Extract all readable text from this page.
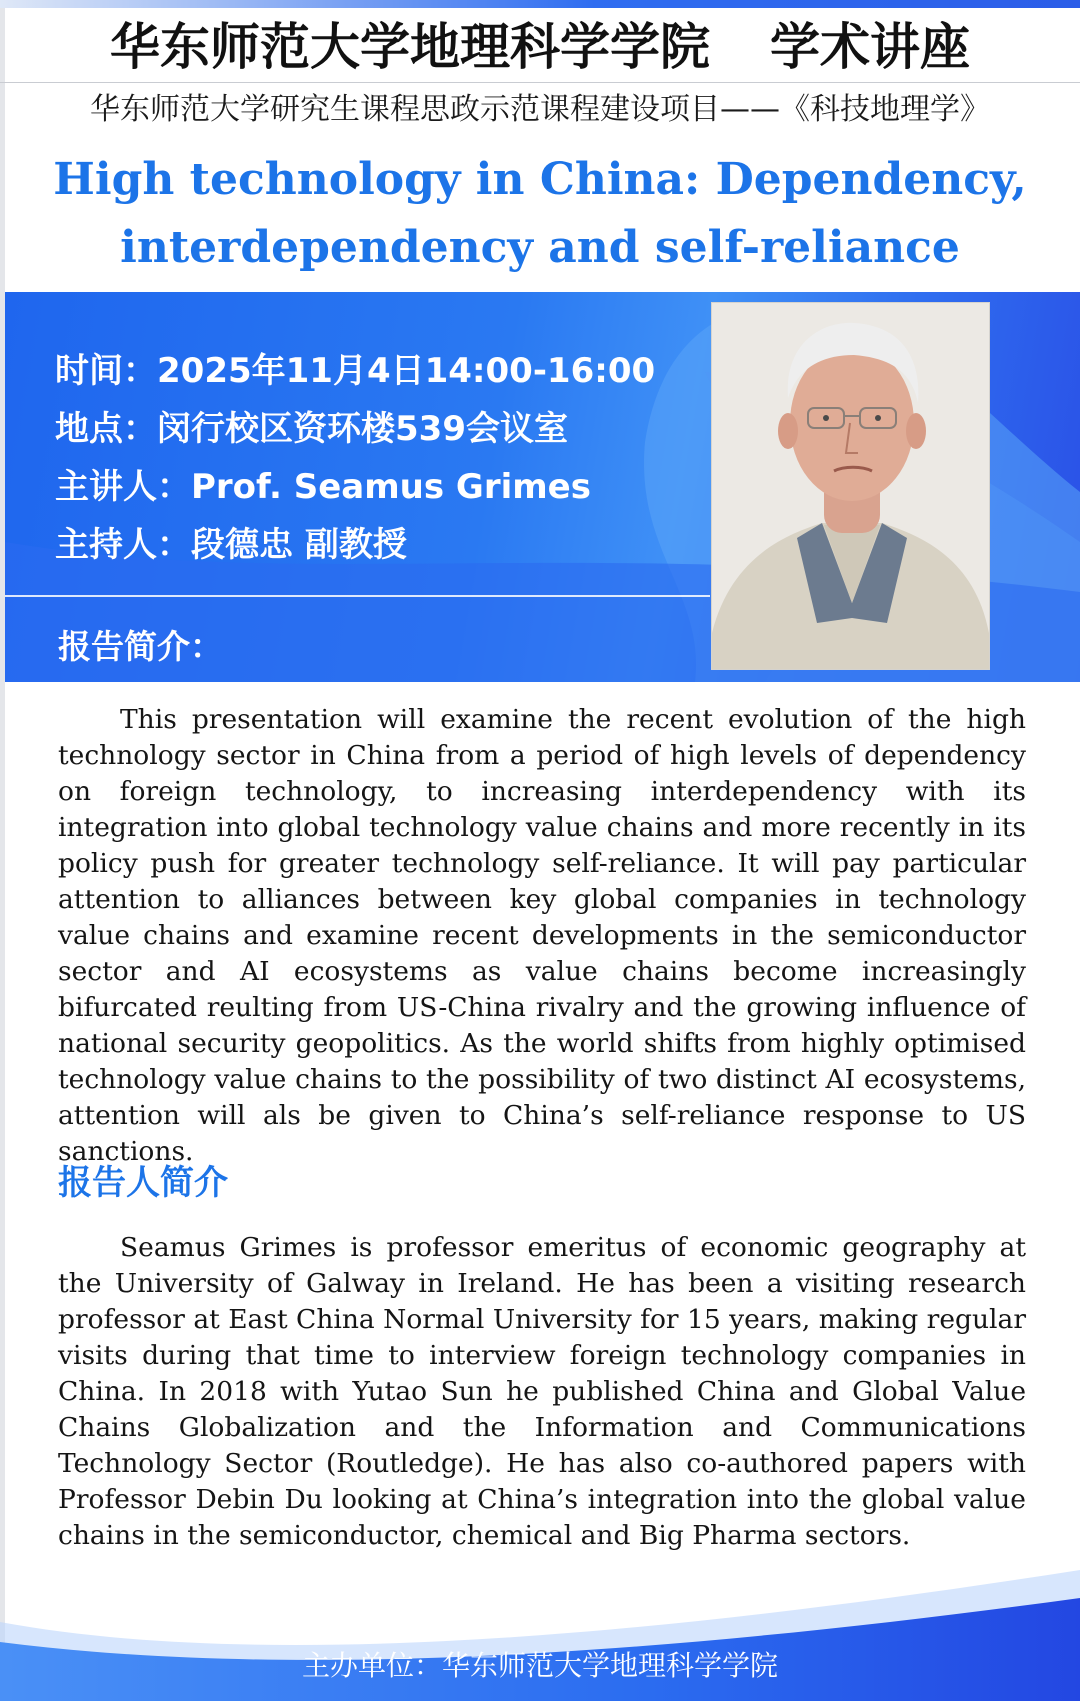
华东师范大学地理科学学院 学术讲座
华东师范大学研究生课程思政示范课程建设项目——《科技地理学》
High technology in China: Dependency,
interdependency and self-reliance
时间：2025年11月4日14:00-16:00
地点：闵行校区资环楼539会议室
主讲人：Prof. Seamus Grimes
主持人：段德忠 副教授
报告简介：

This presentation will examine the recent evolution of the high technology sector in China from a period of high levels of dependency on foreign technology, to increasing interdependency with its integration into global technology value chains and more recently in its policy push for greater technology self-reliance. It will pay particular attention to alliances between key global companies in technology value chains and examine recent developments in the semiconductor sector and AI ecosystems as value chains become increasingly bifurcated reulting from US-China rivalry and the growing influence of national security geopolitics. As the world shifts from highly optimised technology value chains to the possibility of two distinct AI ecosystems, attention will als be given to China’s self-reliance response to US sanctions.

报告人简介

Seamus Grimes is professor emeritus of economic geography at the University of Galway in Ireland. He has been a visiting research professor at East China Normal University for 15 years, making regular visits during that time to interview foreign technology companies in China. In 2018 with Yutao Sun he published China and Global Value Chains Globalization and the Information and Communications Technology Sector (Routledge). He has also co-authored papers with Professor Debin Du looking at China’s integration into the global value chains in the semiconductor, chemical and Big Pharma sectors.

主办单位：华东师范大学地理科学学院
